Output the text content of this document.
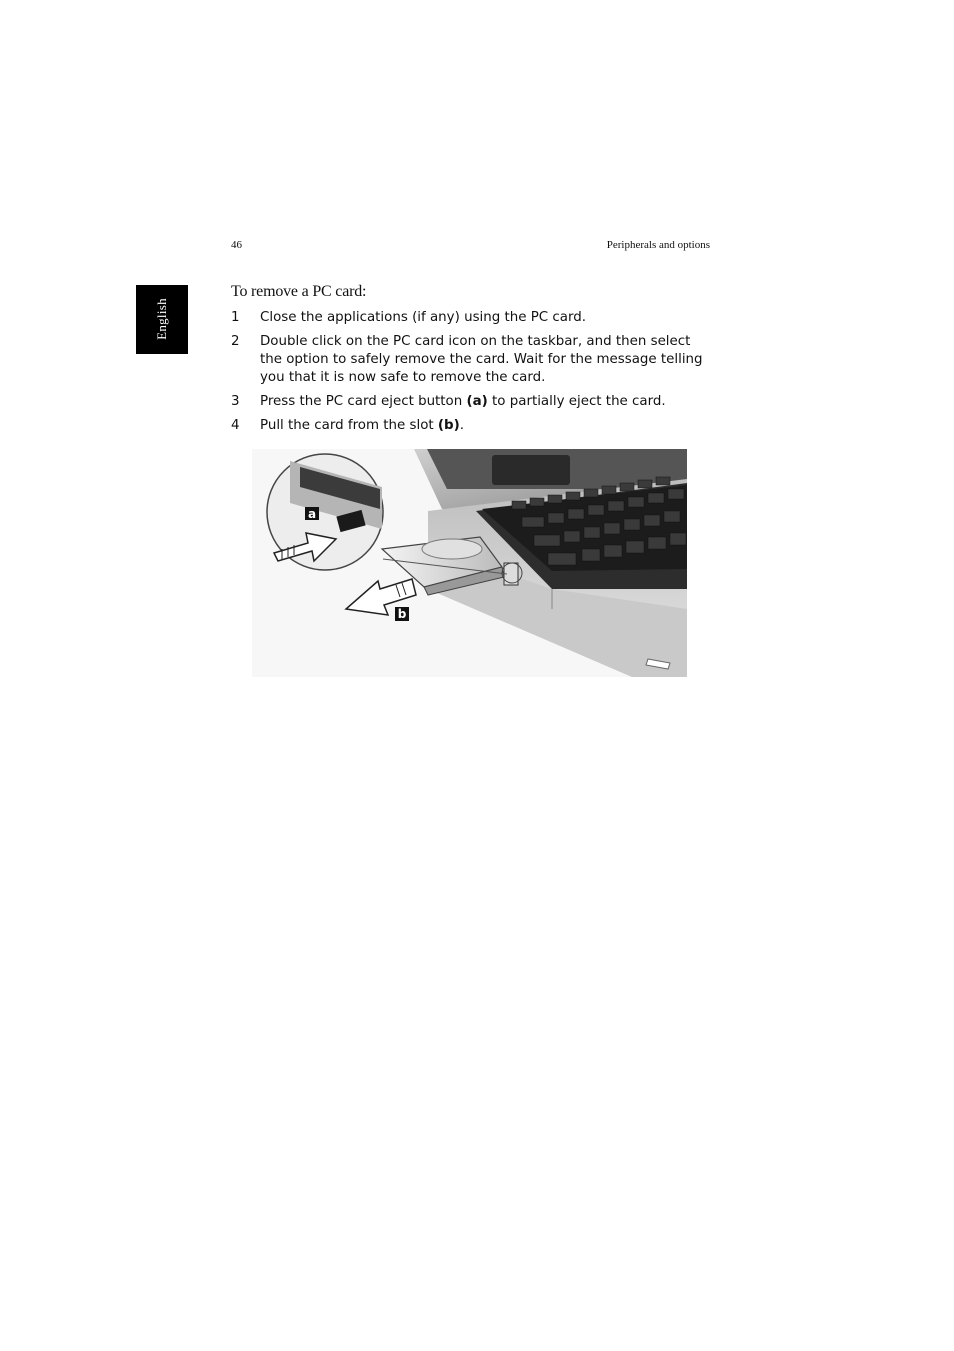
46	Peripherals and options
English
To remove a PC card:
1	Close the applications (if any) using the PC card.
2	Double click on the PC card icon on the taskbar, and then select the option to safely remove the card. Wait for the message telling you that it is now safe to remove the card.
3	Press the PC card eject button (a) to partially eject the card.
4	Pull the card from the slot (b).
a
b
